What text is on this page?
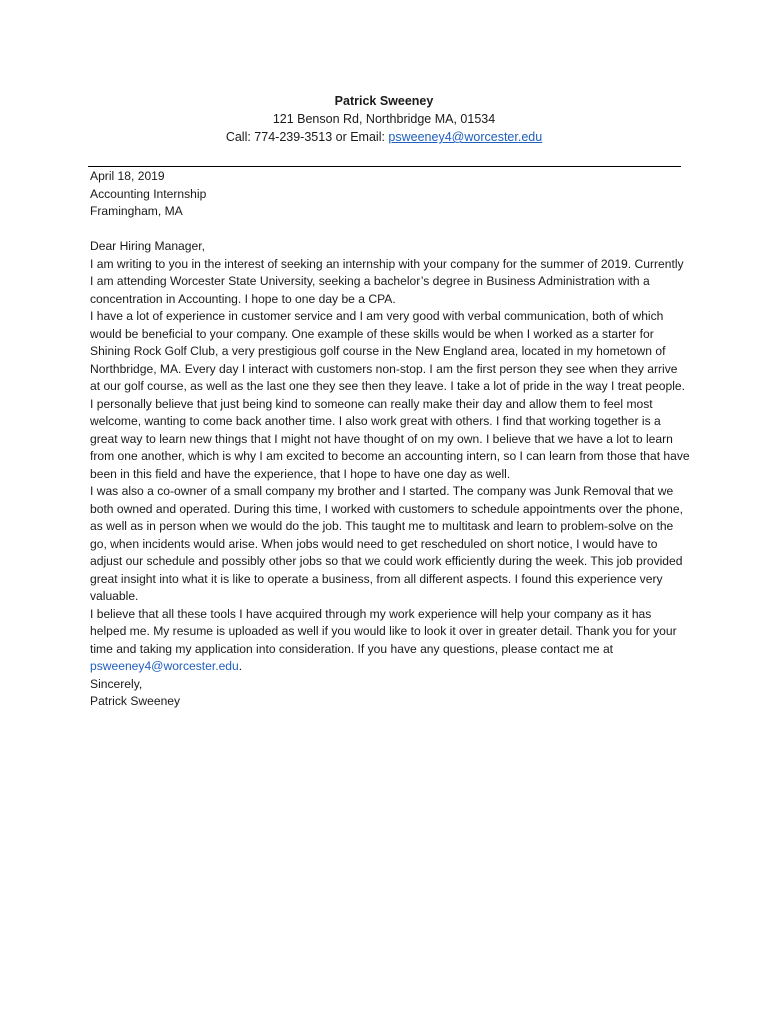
Patrick Sweeney
121 Benson Rd, Northbridge MA, 01534
Call: 774-239-3513 or Email: psweeney4@worcester.edu

April 18, 2019

Accounting Internship

Framingham, MA

Dear Hiring Manager,

I am writing to you in the interest of seeking an internship with your company for the summer of 2019. Currently I am attending Worcester State University, seeking a bachelor’s degree in Business Administration with a concentration in Accounting. I hope to one day be a CPA.

I have a lot of experience in customer service and I am very good with verbal communication, both of which would be beneficial to your company. One example of these skills would be when I worked as a starter for Shining Rock Golf Club, a very prestigious golf course in the New England area, located in my hometown of Northbridge, MA. Every day I interact with customers non-stop. I am the first person they see when they arrive at our golf course, as well as the last one they see then they leave. I take a lot of pride in the way I treat people. I personally believe that just being kind to someone can really make their day and allow them to feel most welcome, wanting to come back another time. I also work great with others. I find that working together is a great way to learn new things that I might not have thought of on my own. I believe that we have a lot to learn from one another, which is why I am excited to become an accounting intern, so I can learn from those that have been in this field and have the experience, that I hope to have one day as well.

I was also a co-owner of a small company my brother and I started. The company was Junk Removal that we both owned and operated. During this time, I worked with customers to schedule appointments over the phone, as well as in person when we would do the job. This taught me to multitask and learn to problem-solve on the go, when incidents would arise. When jobs would need to get rescheduled on short notice, I would have to adjust our schedule and possibly other jobs so that we could work efficiently during the week. This job provided great insight into what it is like to operate a business, from all different aspects. I found this experience very valuable.

I believe that all these tools I have acquired through my work experience will help your company as it has helped me. My resume is uploaded as well if you would like to look it over in greater detail. Thank you for your time and taking my application into consideration. If you have any questions, please contact me at psweeney4@worcester.edu.

Sincerely,

Patrick Sweeney
